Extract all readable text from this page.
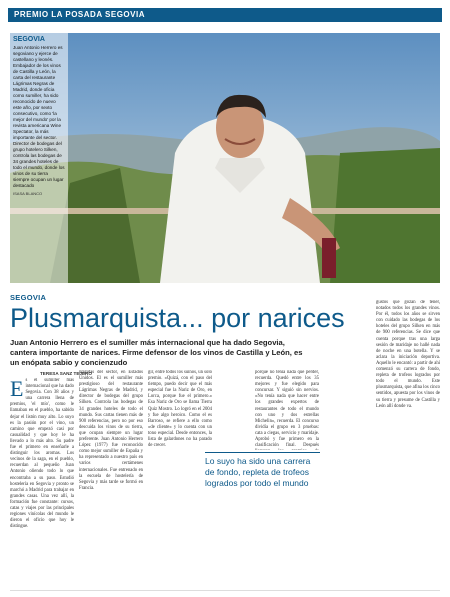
PREMIO LA POSADA SEGOVIA
SEGOVIA
Juan Antonio Herrero es segoviano y ejerce de castellano y leonés. Embajador de los vinos de Castilla y León, la carta del restaurante Lágrimas Negras de Madrid, donde oficia como sumiller, ha sido reconocido de nuevo este año, por sexto consecutivo, como 'la mejor del mundo' por la revista americana Wine Spectator, la más importante del sector. Director de bodegas del grupo hotelero Silken, controla las bodegas de 34 grandes hoteles de todo el mundo, donde los vinos de su tierra siempre ocupan un lugar destacado
ISASA BLANCO
SEGOVIA
Plusmarquista... por narices
Juan Antonio Herrero es el sumiller más internacional que ha dado Segovia, cantera importante de narices. Firme defensor de los vinos de Castilla y León, es un enópata sabio y concienzudo
TERESA SANZ TEJERO
E s el sumiller más internacional que ha dado Segovia. Con 38 años y una carrera llena de premios, 'el mío', como le llamaban en el pueblo, ha sabido dejar el listón muy alto. Lo suyo es la pasión por el vino, un camino que empezó casi por casualidad y que hoy le ha llevado a lo más alto. Su padre fue el primero en enseñarle a distinguir los aromas. Los vecinos de la saga, en el pueblo, recuerdan al pequeño Juan Antonio oliendo todo lo que encontraba a su paso. Estudió hostelería en Segovia y pronto se marchó a Madrid para trabajar en grandes casas. Una vez allí, la formación fue constante: cursos, catas y viajes por las principales regiones vinícolas del mundo le dieron el oficio que hoy le distingue.
prigidas del sector, en Estados Unidos. El es el sumiller más prestigioso del restaurante Lágrimas Negras de Madrid, y director de bodegas del grupo Silken. Controla las bodegas de 34 grandes hoteles de todo el mundo. Sus cartas tienen más de 900 referencias, pero no por eso descuida los vinos de su tierra, que ocupan siempre un lugar preferente. Juan Antonio Herrero López (1977) fue reconocido como mejor sumiller de España y ha representado a nuestro país en varios certámenes internacionales. Fue entrenado en la escuela de hostelería de Segovia y más tarde se formó en Francia.
gir, entre todos los suíños, un solo premio. «Quizá, con el paso del tiempo, puedo decir que el más especial fue la Nariz de Oro, en Lorca, porque fue el primero.» Esa Nariz de Oro se llama Tierra Quiz Mostro. Lo logró en el 2004 y fue algo heroico. Como el es Barroso, se refiere a ello como «de cliente» y lo cuenta con un tono especial. Desde entonces, la lista de galardones no ha parado de crecer.
porque no tenía nada que perder, recuerda. Quedó entre los 35 mejores y fue elegido para concursar. Y siguió sin nervios. «No tenía nada que hacer entre los grandes expertos de restaurantes de todo el mundo con uno y dos estrellas Michelin», recuerda. El concurso dividía el grupo en 3 pruebas: cata a ciegas, servicio y maridaje. Aprobó y fue primero en la clasificación final. Después
gustos que gozan de tener, notados todos los grandes vinos. Por él, todos los años se sirven con cuidado las bodegas de los hoteles del grupo Silken en más de 900 referencias. Se dice que cuenta porque tras una larga sesión de maridaje no hallé nada de noche en una botella. Y se aclara la iniciación deportiva. Aquello le encantó: a partir de ahí comenzó su carrera de fondo, repleta de trofeos logrados por todo el mundo. Este plusmarquista, que afina los cinco sentidos, apuesta por los vinos de su tierra y presume de Castilla y León allí donde va.
Lo suyo ha sido una carrera de fondo, repleta de trofeos logrados por todo el mundo
